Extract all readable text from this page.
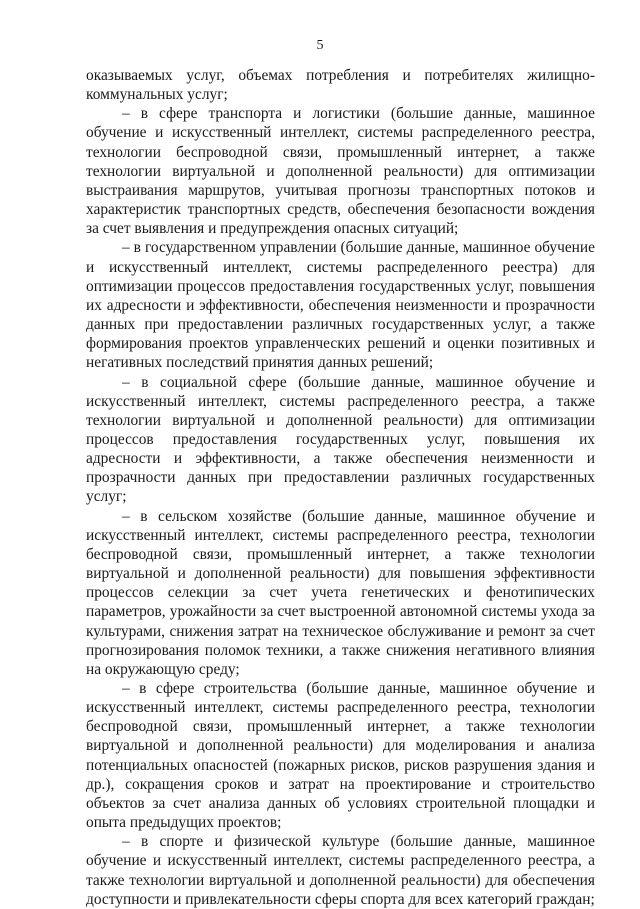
5

оказываемых услуг, объемах потребления и потребителях жилищно-коммунальных услуг;

– в сфере транспорта и логистики (большие данные, машинное обучение и искусственный интеллект, системы распределенного реестра, технологии беспроводной связи, промышленный интернет, а также технологии виртуальной и дополненной реальности) для оптимизации выстраивания маршрутов, учитывая прогнозы транспортных потоков и характеристик транспортных средств, обеспечения безопасности вождения за счет выявления и предупреждения опасных ситуаций;

– в государственном управлении (большие данные, машинное обучение и искусственный интеллект, системы распределенного реестра) для оптимизации процессов предоставления государственных услуг, повышения их адресности и эффективности, обеспечения неизменности и прозрачности данных при предоставлении различных государственных услуг, а также формирования проектов управленческих решений и оценки позитивных и негативных последствий принятия данных решений;

– в социальной сфере (большие данные, машинное обучение и искусственный интеллект, системы распределенного реестра, а также технологии виртуальной и дополненной реальности) для оптимизации процессов предоставления государственных услуг, повышения их адресности и эффективности, а также обеспечения неизменности и прозрачности данных при предоставлении различных государственных услуг;

– в сельском хозяйстве (большие данные, машинное обучение и искусственный интеллект, системы распределенного реестра, технологии беспроводной связи, промышленный интернет, а также технологии виртуальной и дополненной реальности) для повышения эффективности процессов селекции за счет учета генетических и фенотипических параметров, урожайности за счет выстроенной автономной системы ухода за культурами, снижения затрат на техническое обслуживание и ремонт за счет прогнозирования поломок техники, а также снижения негативного влияния на окружающую среду;

– в сфере строительства (большие данные, машинное обучение и искусственный интеллект, системы распределенного реестра, технологии беспроводной связи, промышленный интернет, а также технологии виртуальной и дополненной реальности) для моделирования и анализа потенциальных опасностей (пожарных рисков, рисков разрушения здания и др.), сокращения сроков и затрат на проектирование и строительство объектов за счет анализа данных об условиях строительной площадки и опыта предыдущих проектов;

– в спорте и физической культуре (большие данные, машинное обучение и искусственный интеллект, системы распределенного реестра, а также технологии виртуальной и дополненной реальности) для обеспечения доступности и привлекательности сферы спорта для всех категорий граждан;
